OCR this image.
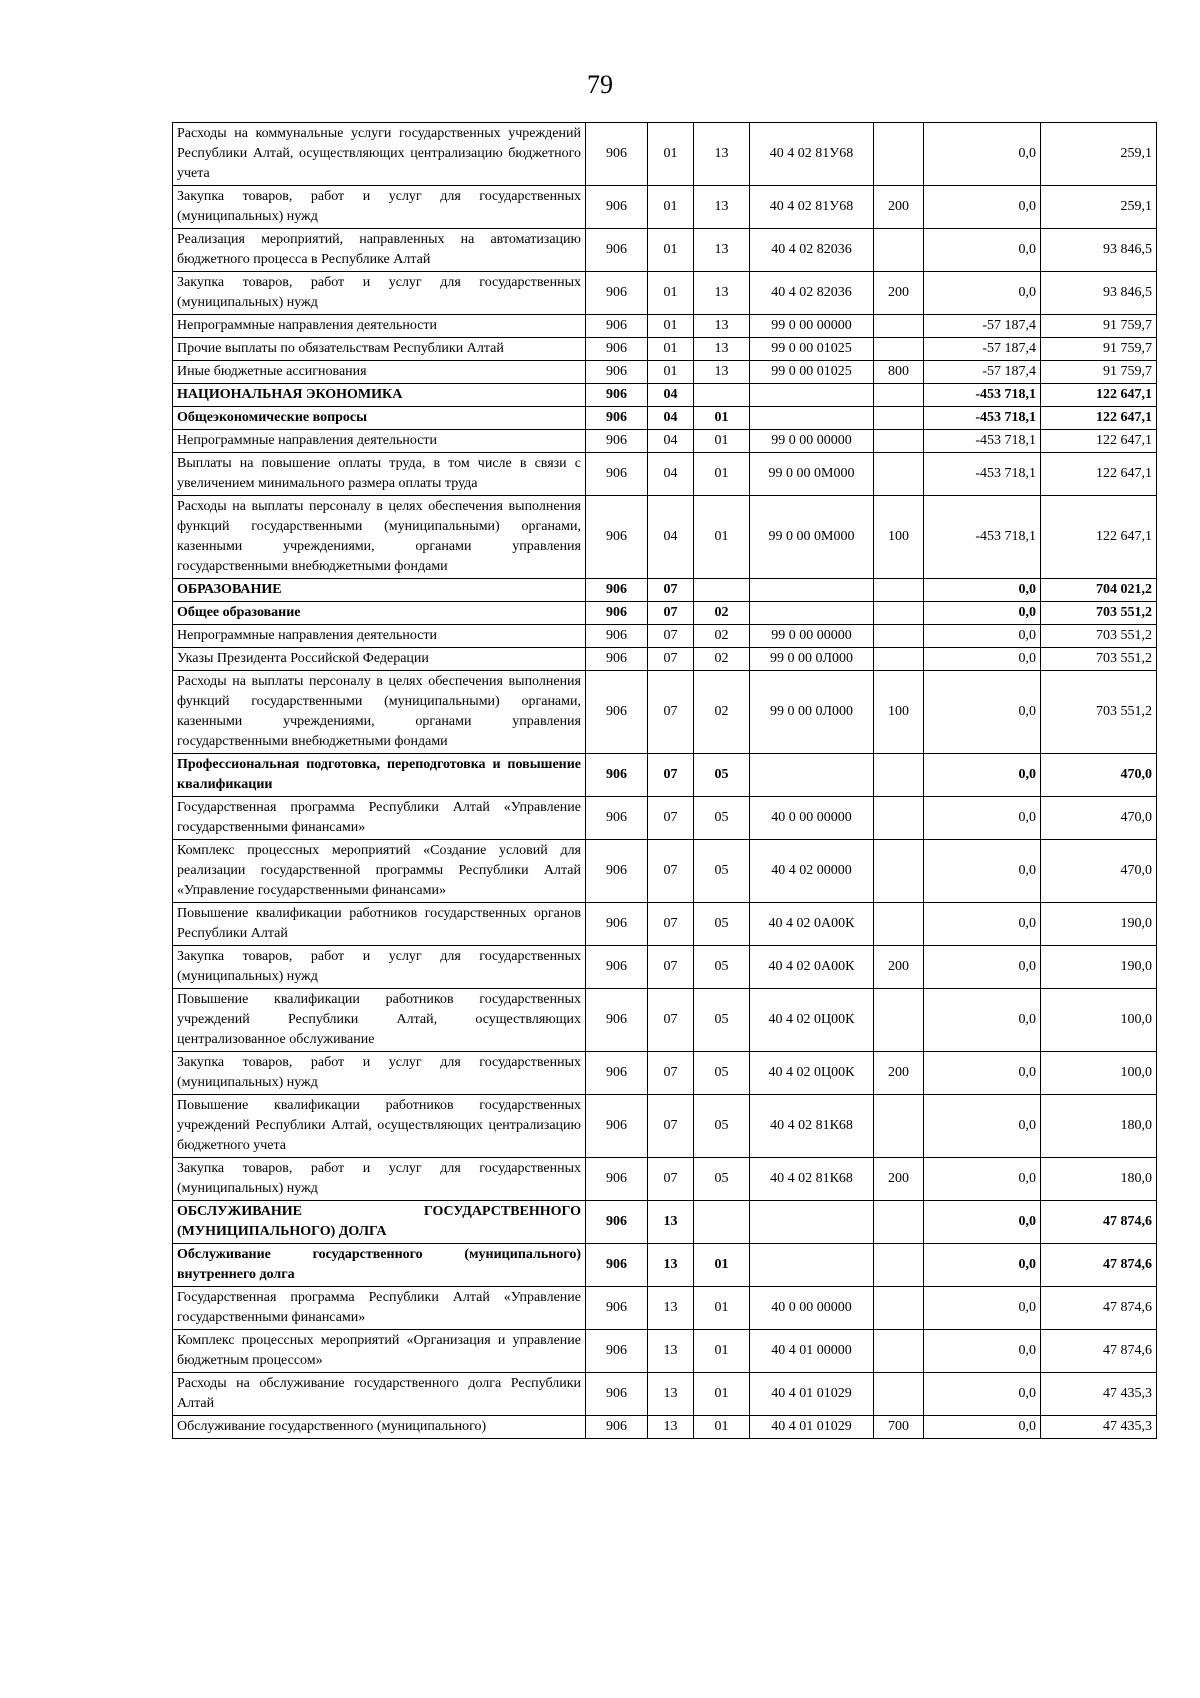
79
Расходы на коммунальные услуги государственных учреждений Республики Алтай, осуществляющих централизацию бюджетного учета	906	01	13	40 4 02 81У68		0,0	259,1
Закупка товаров, работ и услуг для государственных (муниципальных) нужд	906	01	13	40 4 02 81У68	200	0,0	259,1
Реализация мероприятий, направленных на автоматизацию бюджетного процесса в Республике Алтай	906	01	13	40 4 02 82036		0,0	93 846,5
Закупка товаров, работ и услуг для государственных (муниципальных) нужд	906	01	13	40 4 02 82036	200	0,0	93 846,5
Непрограммные направления деятельности	906	01	13	99 0 00 00000		-57 187,4	91 759,7
Прочие выплаты по обязательствам Республики Алтай	906	01	13	99 0 00 01025		-57 187,4	91 759,7
Иные бюджетные ассигнования	906	01	13	99 0 00 01025	800	-57 187,4	91 759,7
НАЦИОНАЛЬНАЯ ЭКОНОМИКА	906	04				-453 718,1	122 647,1
Общеэкономические вопросы	906	04	01			-453 718,1	122 647,1
Непрограммные направления деятельности	906	04	01	99 0 00 00000		-453 718,1	122 647,1
Выплаты на повышение оплаты труда, в том числе в связи с увеличением минимального размера оплаты труда	906	04	01	99 0 00 0М000		-453 718,1	122 647,1
Расходы на выплаты персоналу в целях обеспечения выполнения функций государственными (муниципальными) органами, казенными учреждениями, органами управления государственными внебюджетными фондами	906	04	01	99 0 00 0М000	100	-453 718,1	122 647,1
ОБРАЗОВАНИЕ	906	07				0,0	704 021,2
Общее образование	906	07	02			0,0	703 551,2
Непрограммные направления деятельности	906	07	02	99 0 00 00000		0,0	703 551,2
Указы Президента Российской Федерации	906	07	02	99 0 00 0Л000		0,0	703 551,2
Расходы на выплаты персоналу в целях обеспечения выполнения функций государственными (муниципальными) органами, казенными учреждениями, органами управления государственными внебюджетными фондами	906	07	02	99 0 00 0Л000	100	0,0	703 551,2
Профессиональная подготовка, переподготовка и повышение квалификации	906	07	05			0,0	470,0
Государственная программа Республики Алтай «Управление государственными финансами»	906	07	05	40 0 00 00000		0,0	470,0
Комплекс процессных мероприятий «Создание условий для реализации государственной программы Республики Алтай «Управление государственными финансами»	906	07	05	40 4 02 00000		0,0	470,0
Повышение квалификации работников государственных органов Республики Алтай	906	07	05	40 4 02 0А00К		0,0	190,0
Закупка товаров, работ и услуг для государственных (муниципальных) нужд	906	07	05	40 4 02 0А00К	200	0,0	190,0
Повышение квалификации работников государственных учреждений Республики Алтай, осуществляющих централизованное обслуживание	906	07	05	40 4 02 0Ц00К		0,0	100,0
Закупка товаров, работ и услуг для государственных (муниципальных) нужд	906	07	05	40 4 02 0Ц00К	200	0,0	100,0
Повышение квалификации работников государственных учреждений Республики Алтай, осуществляющих централизацию бюджетного учета	906	07	05	40 4 02 81К68		0,0	180,0
Закупка товаров, работ и услуг для государственных (муниципальных) нужд	906	07	05	40 4 02 81К68	200	0,0	180,0
ОБСЛУЖИВАНИЕ ГОСУДАРСТВЕННОГО (МУНИЦИПАЛЬНОГО) ДОЛГА	906	13				0,0	47 874,6
Обслуживание государственного (муниципального) внутреннего долга	906	13	01			0,0	47 874,6
Государственная программа Республики Алтай «Управление государственными финансами»	906	13	01	40 0 00 00000		0,0	47 874,6
Комплекс процессных мероприятий «Организация и управление бюджетным процессом»	906	13	01	40 4 01 00000		0,0	47 874,6
Расходы на обслуживание государственного долга Республики Алтай	906	13	01	40 4 01 01029		0,0	47 435,3
Обслуживание государственного (муниципального)	906	13	01	40 4 01 01029	700	0,0	47 435,3
